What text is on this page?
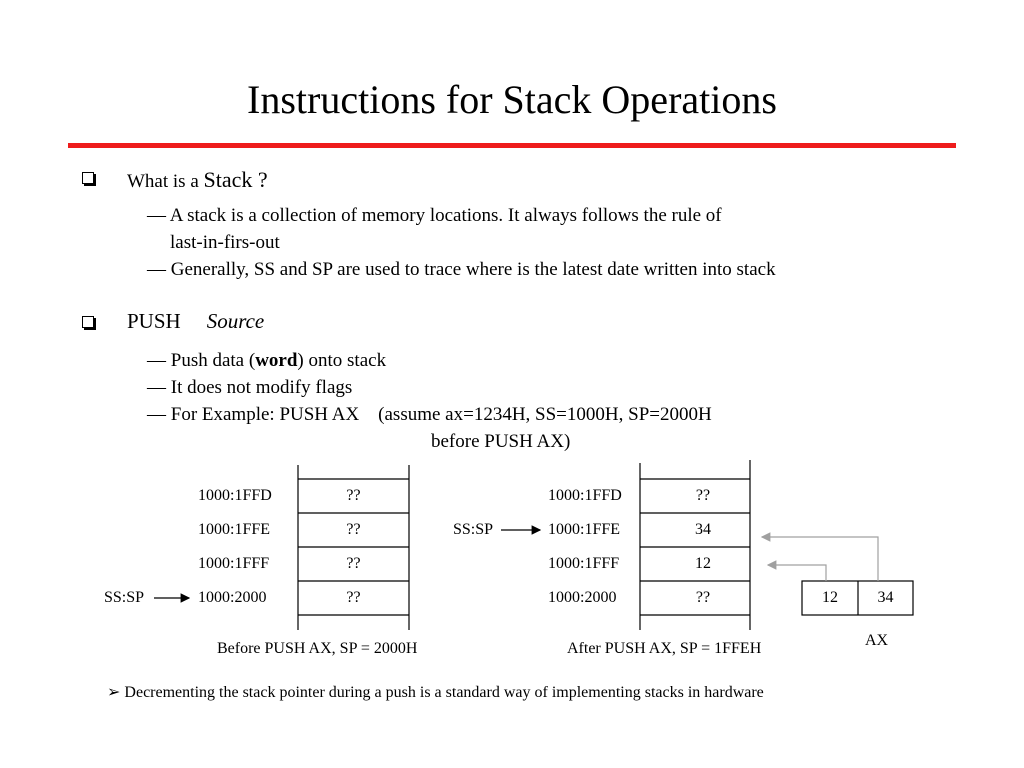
Instructions for Stack Operations
What is a Stack ?
— A stack is a collection of memory locations. It always follows the rule of
last-in-firs-out
— Generally, SS and SP are used to trace where is the latest date written into stack
PUSH Source
— Push data (word) onto stack
— It does not modify flags
— For Example: PUSH AX    (assume ax=1234H, SS=1000H, SP=2000H
before PUSH AX)
1000:1FFD
1000:1FFE
1000:1FFF
1000:2000
??
??
??
??
SS:SP
Before PUSH AX, SP = 2000H
1000:1FFD
1000:1FFE
1000:1FFF
1000:2000
??
34
12
??
SS:SP
After PUSH AX, SP = 1FFEH
12	34
AX
➢ Decrementing the stack pointer during a push is a standard way of implementing stacks in hardware
